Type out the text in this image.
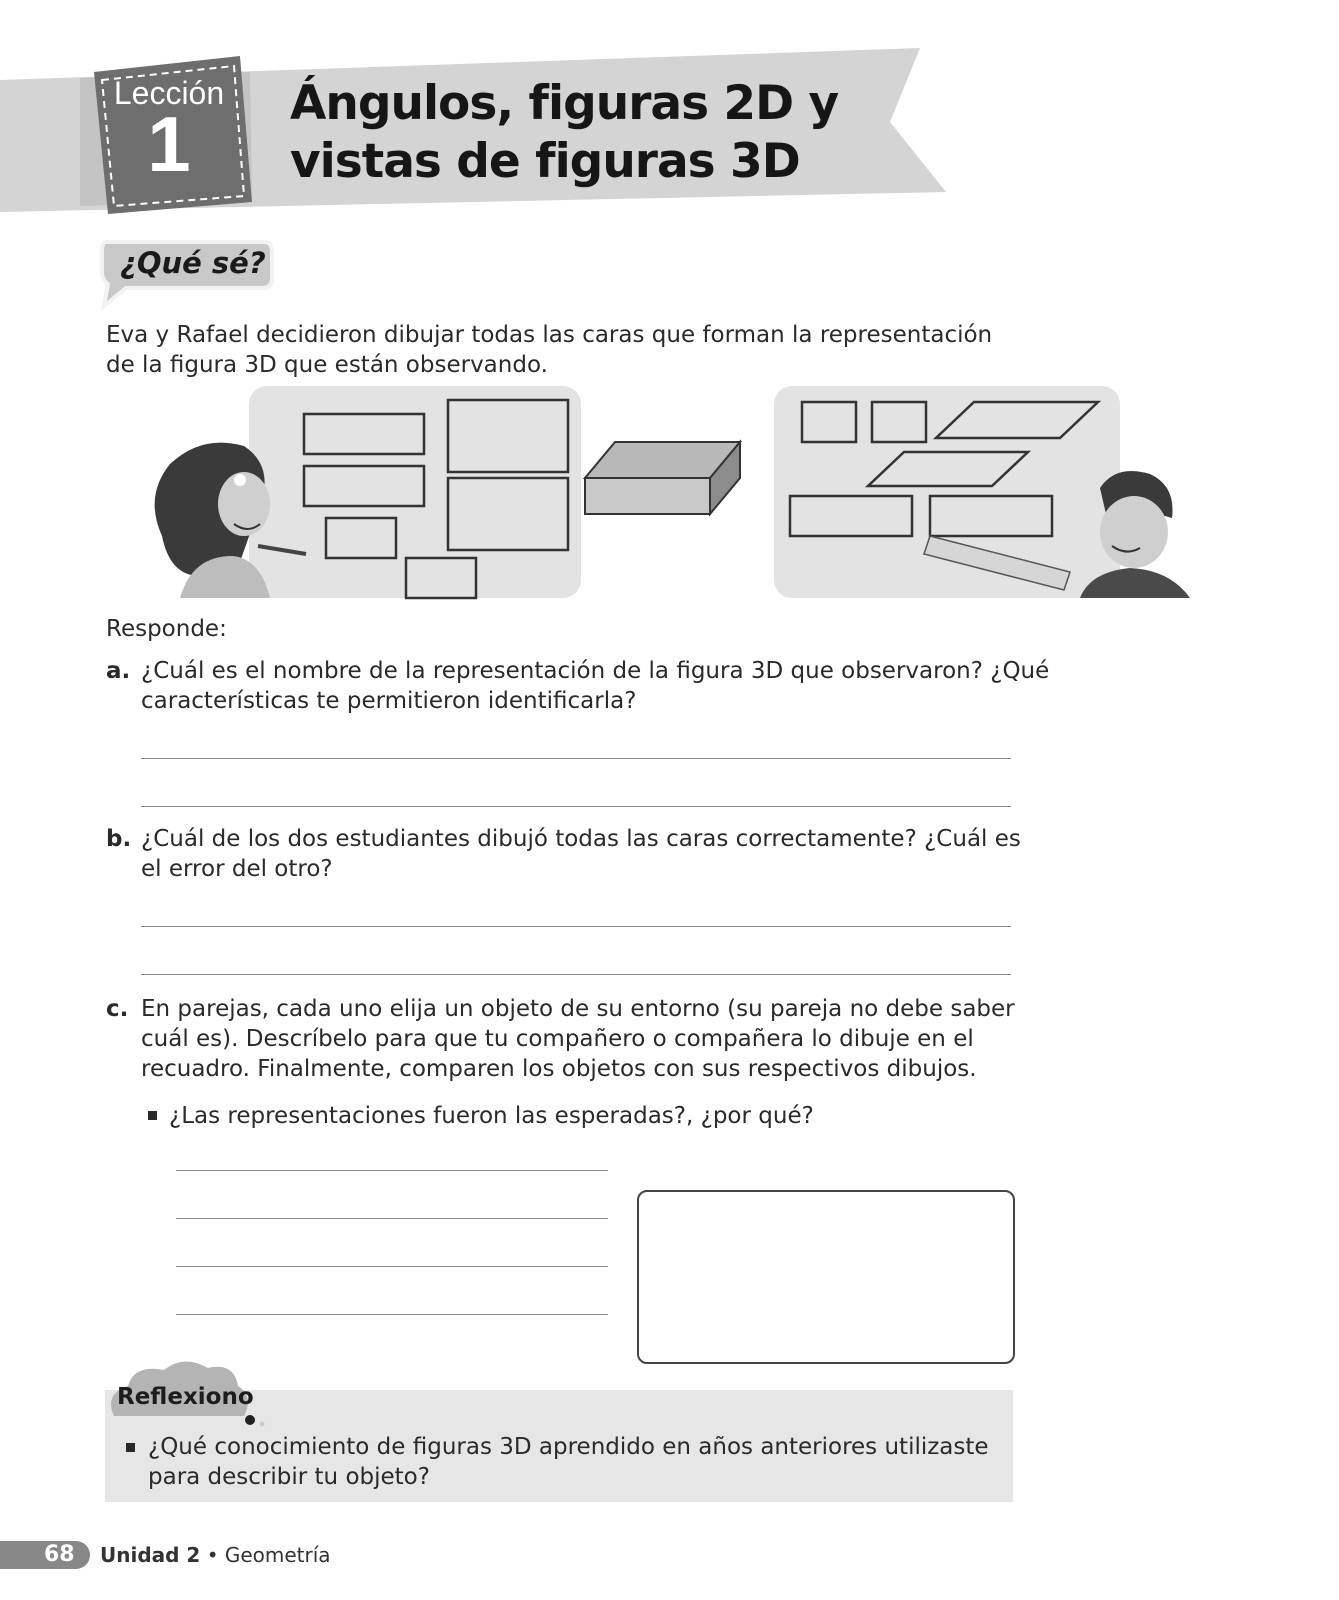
Lección
1	Ángulos, figuras 2D y
vistas de figuras 3D
¿Qué sé?
Eva y Rafael decidieron dibujar todas las caras que forman la representación de la figura 3D que están observando.
Responde:
a. ¿Cuál es el nombre de la representación de la figura 3D que observaron? ¿Qué
características te permitieron identificarla?
b. ¿Cuál de los dos estudiantes dibujó todas las caras correctamente? ¿Cuál es
el error del otro?
c. En parejas, cada uno elija un objeto de su entorno (su pareja no debe saber
cuál es). Descríbelo para que tu compañero o compañera lo dibuje en el
recuadro. Finalmente, comparen los objetos con sus respectivos dibujos.
¿Las representaciones fueron las esperadas?, ¿por qué?
Reflexiono
¿Qué conocimiento de figuras 3D aprendido en años anteriores utilizaste
para describir tu objeto?
68 Unidad 2 • Geometría
